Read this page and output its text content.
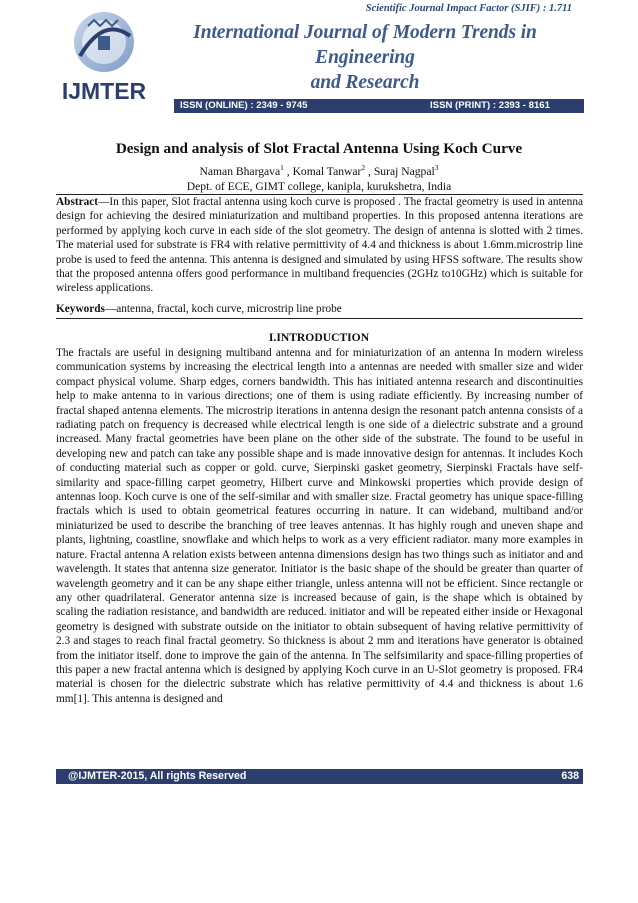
Scientific Journal Impact Factor (SJIF) : 1.711
IJMTER
International Journal of Modern Trends in Engineering
and Research
ISSN (ONLINE) : 2349 - 9745	ISSN (PRINT) : 2393 - 8161
Design and analysis of Slot Fractal Antenna Using Koch Curve
Naman Bhargava$^1$ , Komal Tanwar$^2$ , Suraj Nagpal$^3$
Dept. of ECE, GIMT college, kanipla, kurukshetra, India
Abstract—In this paper, Slot fractal antenna using koch curve is proposed . The fractal geometry is used in antenna design for achieving the desired miniaturization and multiband properties. In this proposed antenna iterations are performed by applying koch curve in each side of the slot geometry. The design of antenna is slotted with 2 times. The material used for substrate is FR4 with relative permittivity of 4.4 and thickness is about 1.6mm.microstrip line probe is used to feed the antenna. This antenna is designed and simulated by using HFSS software. The results show that the proposed antenna offers good performance in multiband frequencies (2GHz to10GHz) which is suitable for wireless applications.
Keywords—antenna, fractal, koch curve, microstrip line probe
I.INTRODUCTION
The fractals are useful in designing multiband antenna and for miniaturization of an antenna In modern wireless communication systems by increasing the electrical length into a antennas are needed with smaller size and wider compact physical volume. Sharp edges, corners bandwidth. This has initiated antenna research and discontinuities help to make antenna to in various directions; one of them is using radiate efficiently. By increasing number of fractal shaped antenna elements. The microstrip iterations in antenna design the resonant patch antenna consists of a radiating patch on frequency is decreased while electrical length is one side of a dielectric substrate and a ground increased. Many fractal geometries have been plane on the other side of the substrate. The found to be useful in developing new and patch can take any possible shape and is made innovative design for antennas. It includes Koch of conducting material such as copper or gold. curve, Sierpinski gasket geometry, Sierpinski Fractals have self-similarity and space-filling carpet geometry, Hilbert curve and Minkowski properties which provide design of antennas loop. Koch curve is one of the self-similar and with smaller size. Fractal geometry has unique space-filling fractals which is used to obtain geometrical features occurring in nature. It can wideband, multiband and/or miniaturized be used to describe the branching of tree leaves antennas. It has highly rough and uneven shape and plants, lightning, coastline, snowflake and which helps to work as a very efficient radiator. many more examples in nature. Fractal antenna A relation exists between antenna dimensions design has two things such as initiator and and wavelength. It states that antenna size generator. Initiator is the basic shape of the should be greater than quarter of wavelength geometry and it can be any shape either triangle, unless antenna will not be efficient. Since rectangle or any other quadrilateral. Generator antenna size is increased because of gain, is the shape which is obtained by scaling the radiation resistance, and bandwidth are reduced. initiator and will be repeated either inside or Hexagonal geometry is designed with substrate outside on the initiator to obtain subsequent of having relative permittivity of 2.3 and stages to reach final fractal geometry. So thickness is about 2 mm and iterations have generator is obtained from the initiator itself. done to improve the gain of the antenna. In The selfsimilarity and space-filling properties of this paper a new fractal antenna which is designed by applying Koch curve in an U-Slot geometry is proposed. FR4 material is chosen for the dielectric substrate which has relative permittivity of 4.4 and thickness is about 1.6 mm[1]. This antenna is designed and
@IJMTER-2015, All rights Reserved	638
